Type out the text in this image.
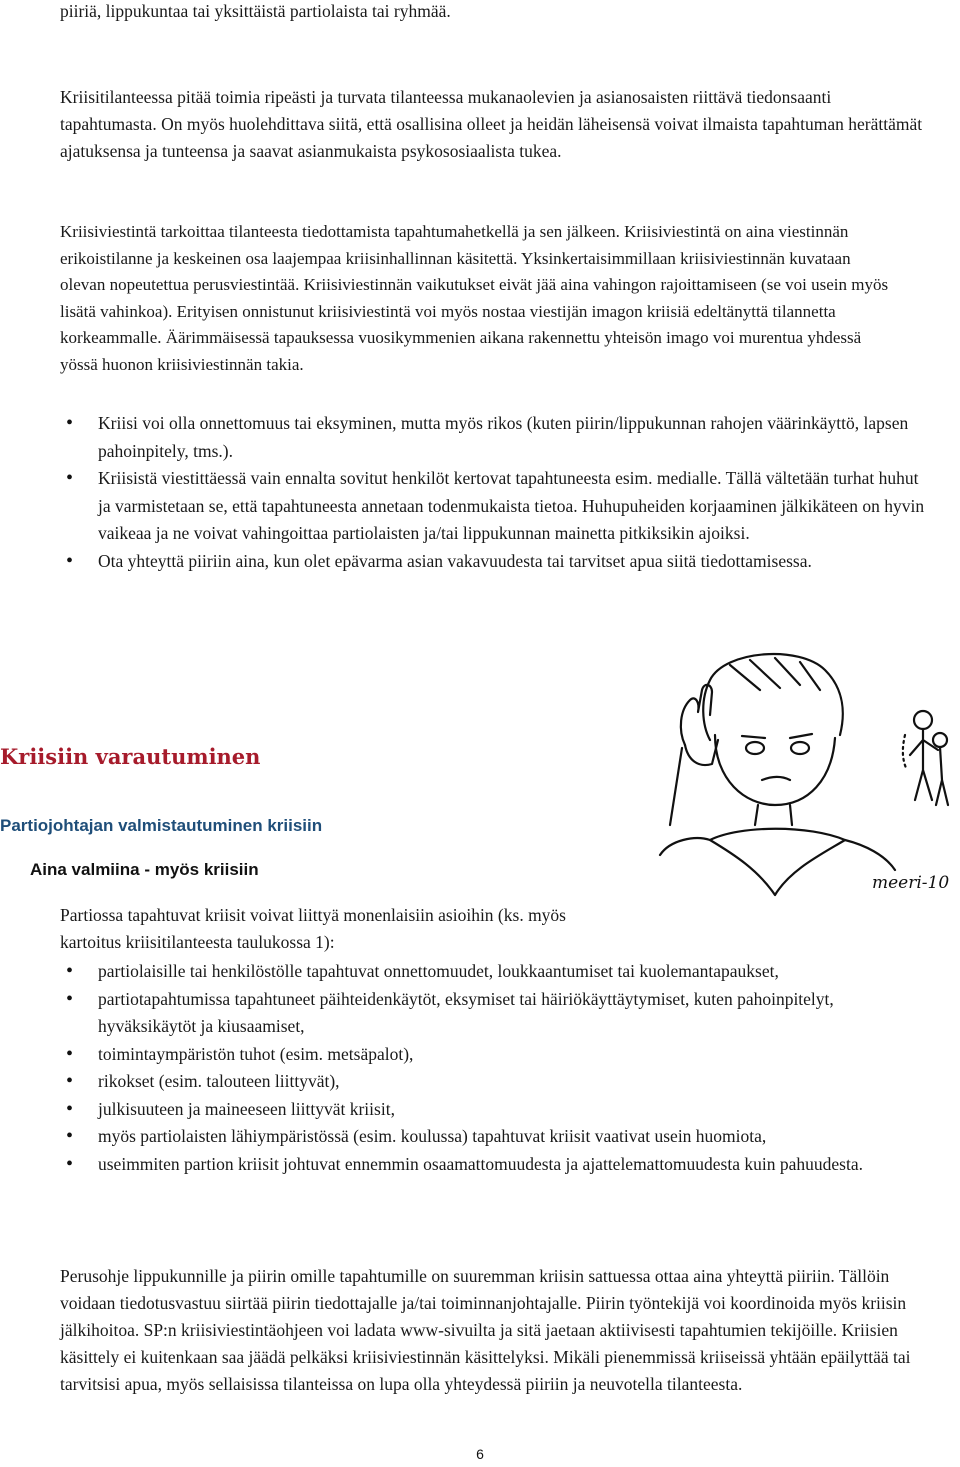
piiriä, lippukuntaa tai yksittäistä partiolaista tai ryhmää.

Kriisitilanteessa pitää toimia ripeästi ja turvata tilanteessa mukanaolevien ja asianosaisten riittävä tiedonsaanti tapahtumasta. On myös huolehdittava siitä, että osallisina olleet ja heidän läheisensä voivat ilmaista tapahtuman herättämät ajatuksensa ja tunteensa ja saavat asianmukaista psykososiaalista tukea.

Kriisiviestintä tarkoittaa tilanteesta tiedottamista tapahtumahetkellä ja sen jälkeen. Kriisiviestintä on aina viestinnän erikoistilanne ja keskeinen osa laajempaa kriisinhallinnan käsitettä. Yksinkertaisimmillaan kriisiviestinnän kuvataan olevan nopeutettua perusviestintää. Kriisiviestinnän vaikutukset eivät jää aina vahingon rajoittamiseen (se voi usein myös lisätä vahinkoa). Erityisen onnistunut kriisiviestintä voi myös nostaa viestijän imagon kriisiä edeltänyttä tilannetta korkeammalle. Äärimmäisessä tapauksessa vuosikymmenien aikana rakennettu yhteisön imago voi murentua yhdessä yössä huonon kriisiviestinnän takia.

• Kriisi voi olla onnettomuus tai eksyminen, mutta myös rikos (kuten piirin/lippukunnan rahojen väärinkäyttö, lapsen pahoinpitely, tms.).
• Kriisistä viestittäessä vain ennalta sovitut henkilöt kertovat tapahtuneesta esim. medialle. Tällä vältetään turhat huhut ja varmistetaan se, että tapahtuneesta annetaan todenmukaista tietoa. Huhupuheiden korjaaminen jälkikäteen on hyvin vaikeaa ja ne voivat vahingoittaa partiolaisten ja/tai lippukunnan mainetta pitkiksikin ajoiksi.
• Ota yhteyttä piiriin aina, kun olet epävarma asian vakavuudesta tai tarvitset apua siitä tiedottamisessa.
meeri-10
Kriisiin varautuminen
Partiojohtajan valmistautuminen kriisiin
Aina valmiina - myös kriisiin

Partiossa tapahtuvat kriisit voivat liittyä monenlaisiin asioihin (ks. myös kartoitus kriisitilanteesta taulukossa 1):

• partiolaisille tai henkilöstölle tapahtuvat onnettomuudet, loukkaantumiset tai kuolemantapaukset,
• partiotapahtumissa tapahtuneet päihteidenkäytöt, eksymiset tai häiriökäyttäytymiset, kuten pahoinpitelyt, hyväksikäytöt ja kiusaamiset,
• toimintaympäristön tuhot (esim. metsäpalot),
• rikokset (esim. talouteen liittyvät),
• julkisuuteen ja maineeseen liittyvät kriisit,
• myös partiolaisten lähiympäristössä (esim. koulussa) tapahtuvat kriisit vaativat usein huomiota,
• useimmiten partion kriisit johtuvat ennemmin osaamattomuudesta ja ajattelemattomuudesta kuin pahuudesta.

Perusohje lippukunnille ja piirin omille tapahtumille on suuremman kriisin sattuessa ottaa aina yhteyttä piiriin. Tällöin voidaan tiedotusvastuu siirtää piirin tiedottajalle ja/tai toiminnanjohtajalle. Piirin työntekijä voi koordinoida myös kriisin jälkihoitoa. SP:n kriisiviestintäohjeen voi ladata www-sivuilta ja sitä jaetaan aktiivisesti tapahtumien tekijöille. Kriisien käsittely ei kuitenkaan saa jäädä pelkäksi kriisiviestinnän käsittelyksi. Mikäli pienemmissä kriiseissä yhtään epäilyttää tai tarvitsisi apua, myös sellaisissa tilanteissa on lupa olla yhteydessä piiriin ja neuvotella tilanteesta.

6
